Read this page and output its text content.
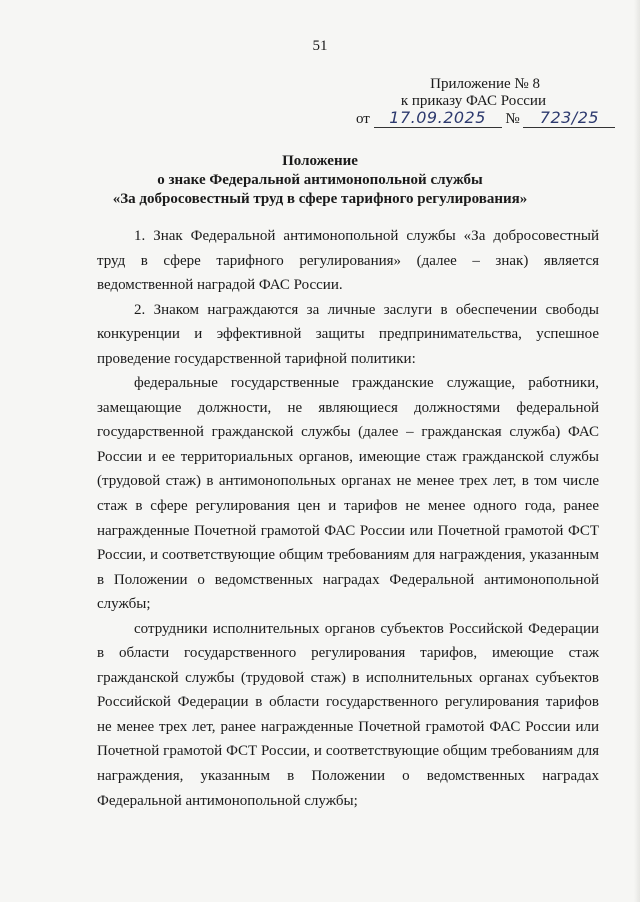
51
Приложение № 8
к приказу ФАС России
от 17.09.2025 № 723/25
Положение
о знаке Федеральной антимонопольной службы
«За добросовестный труд в сфере тарифного регулирования»

1. Знак Федеральной антимонопольной службы «За добросовестный труд в сфере тарифного регулирования» (далее – знак) является ведомственной наградой ФАС России.

2. Знаком награждаются за личные заслуги в обеспечении свободы конкуренции и эффективной защиты предпринимательства, успешное проведение государственной тарифной политики:

федеральные государственные гражданские служащие, работники, замещающие должности, не являющиеся должностями федеральной государственной гражданской службы (далее – гражданская служба) ФАС России и ее территориальных органов, имеющие стаж гражданской службы (трудовой стаж) в антимонопольных органах не менее трех лет, в том числе стаж в сфере регулирования цен и тарифов не менее одного года, ранее награжденные Почетной грамотой ФАС России или Почетной грамотой ФСТ России, и соответствующие общим требованиям для награждения, указанным в Положении о ведомственных наградах Федеральной антимонопольной службы;

сотрудники исполнительных органов субъектов Российской Федерации в области государственного регулирования тарифов, имеющие стаж гражданской службы (трудовой стаж) в исполнительных органах субъектов Российской Федерации в области государственного регулирования тарифов не менее трех лет, ранее награжденные Почетной грамотой ФАС России или Почетной грамотой ФСТ России, и соответствующие общим требованиям для награждения, указанным в Положении о ведомственных наградах Федеральной антимонопольной службы;
